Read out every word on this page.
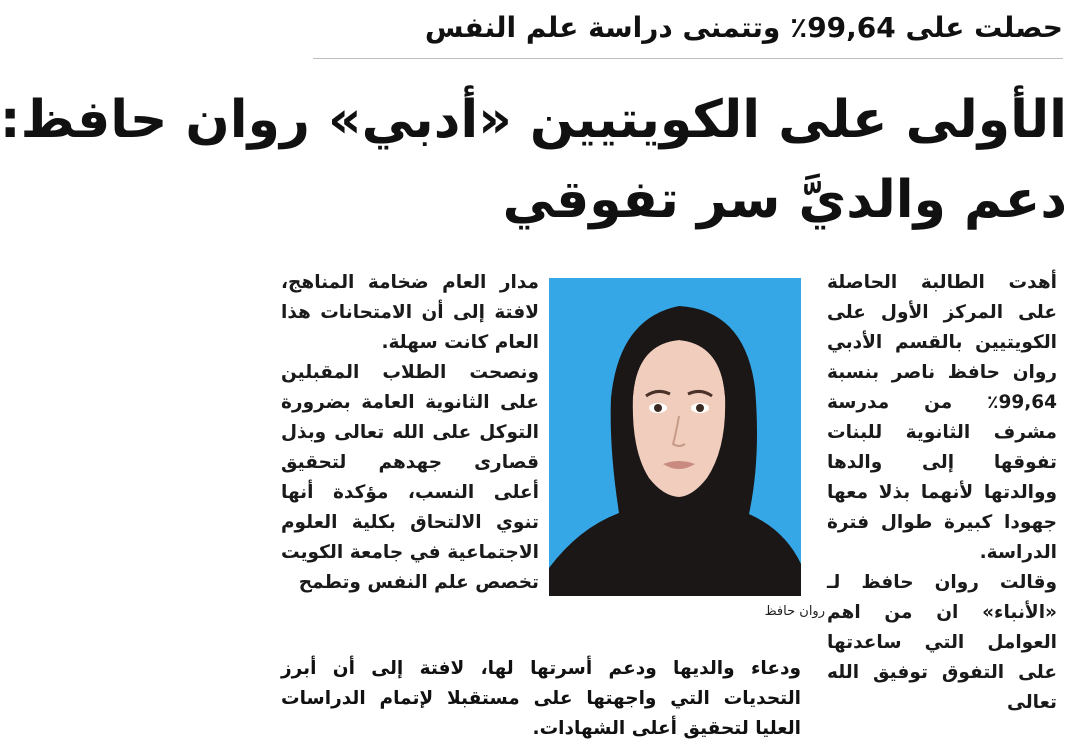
حصلت على 99,64٪ وتتمنى دراسة علم النفس
الأولى على الكويتيين «أدبي» روان حافظ:
دعم والديَّ سر تفوقي

أهدت الطالبة الحاصلة على المركز الأول على الكويتيين بالقسم الأدبي روان حافظ ناصر بنسبة 99,64٪ من مدرسة مشرف الثانوية للبنات تفوقها إلى والدها ووالدتها لأنهما بذلا معها جهودا كبيرة طوال فترة الدراسة.

وقالت روان حافظ لـ «الأنباء» ان من اهم العوامل التي ساعدتها على التفوق توفيق الله تعالى

روان حافظ

مدار العام ضخامة المناهج، لافتة إلى أن الامتحانات هذا العام كانت سهلة.

ونصحت الطلاب المقبلين على الثانوية العامة بضرورة التوكل على الله تعالى وبذل قصارى جهدهم لتحقيق أعلى النسب، مؤكدة أنها تنوي الالتحاق بكلية العلوم الاجتماعية في جامعة الكويت تخصص علم النفس وتطمح

ودعاء والديها ودعم أسرتها لها، لافتة إلى أن أبرز التحديات التي واجهتها على مستقبلا لإتمام الدراسات العليا لتحقيق أعلى الشهادات.
